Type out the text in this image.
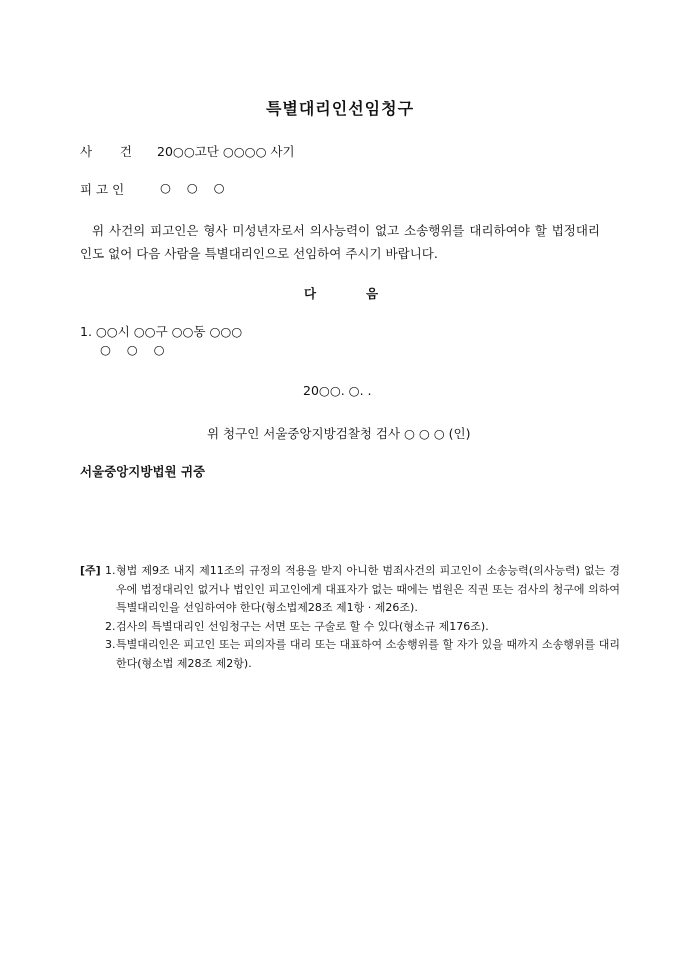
특별대리인선임청구
사       건 20○○고단 ○○○○ 사기
피 고 인	○    ○    ○
위 사건의 피고인은 형사 미성년자로서 의사능력이 없고 소송행위를 대리하여야 할 법정대리인도 없어 다음 사람을 특별대리인으로 선임하여 주시기 바랍니다.
다	음
1. ○○시 ○○구 ○○동 ○○○
○    ○    ○
20○○. ○. .
위 청구인 서울중앙지방검찰청 검사 ○ ○ ○ (인)
서울중앙지방법원 귀중
[주] 1. 형법 제9조 내지 제11조의 규정의 적용을 받지 아니한 범죄사건의 피고인이 소송능력(의사능력) 없는 경우에 법정대리인 없거나 법인인 피고인에게 대표자가 없는 때에는 법원은 직권 또는 검사의 청구에 의하여 특별대리인을 선임하여야 한다(형소법제28조 제1항 · 제26조).
2. 검사의 특별대리인 선임청구는 서면 또는 구술로 할 수 있다(형소규 제176조).
3. 특별대리인은 피고인 또는 피의자를 대리 또는 대표하여 소송행위를 할 자가 있을 때까지 소송행위를 대리한다(형소법 제28조 제2항).
